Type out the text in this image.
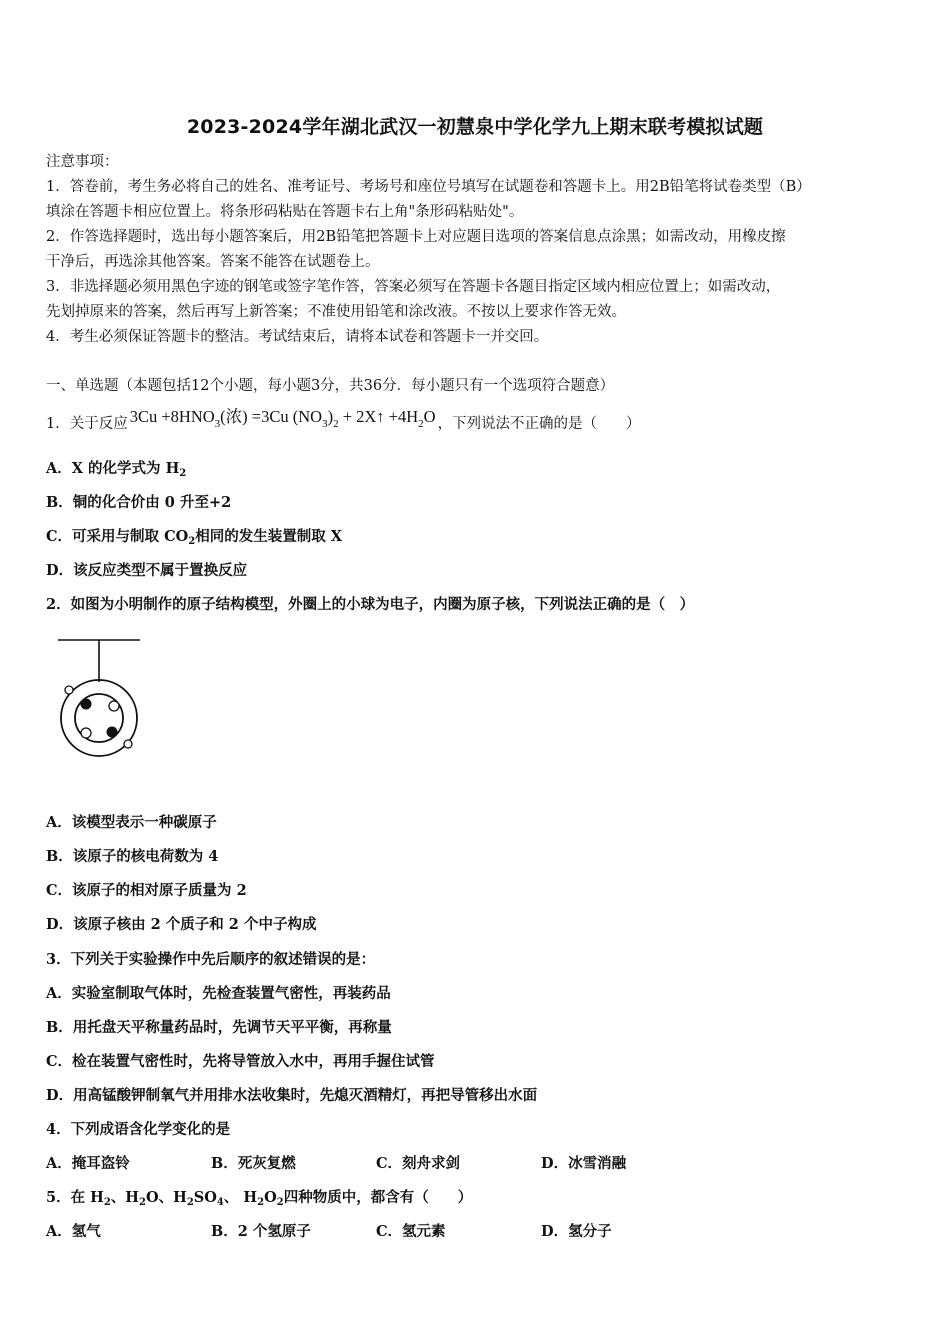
2023-2024学年湖北武汉一初慧泉中学化学九上期末联考模拟试题
注意事项：
1．答卷前，考生务必将自己的姓名、准考证号、考场号和座位号填写在试题卷和答题卡上。用2B铅笔将试卷类型（B）
填涂在答题卡相应位置上。将条形码粘贴在答题卡右上角"条形码粘贴处"。
2．作答选择题时，选出每小题答案后，用2B铅笔把答题卡上对应题目选项的答案信息点涂黑；如需改动，用橡皮擦
干净后，再选涂其他答案。答案不能答在试题卷上。
3．非选择题必须用黑色字迹的钢笔或签字笔作答，答案必须写在答题卡各题目指定区域内相应位置上；如需改动，
先划掉原来的答案，然后再写上新答案；不准使用铅笔和涂改液。不按以上要求作答无效。
4．考生必须保证答题卡的整洁。考试结束后，请将本试卷和答题卡一并交回。
一、单选题（本题包括12个小题，每小题3分，共36分．每小题只有一个选项符合题意）
1．关于反应 $3Cu +8HNO_3$(浓) =3Cu $(NO_3)_2$ + 2X↑ $+4H_2O$ ，下列说法不正确的是（　　）
A．X 的化学式为 $H_2$
B．铜的化合价由 0 升至+2
C．可采用与制取 $CO_2$相同的发生装置制取 X
D．该反应类型不属于置换反应
2．如图为小明制作的原子结构模型，外圈上的小球为电子，内圈为原子核，下列说法正确的是（　）
A．该模型表示一种碳原子
B．该原子的核电荷数为 4
C．该原子的相对原子质量为 2
D．该原子核由 2 个质子和 2 个中子构成
3．下列关于实验操作中先后顺序的叙述错误的是：
A．实验室制取气体时，先检查装置气密性，再装药品
B．用托盘天平称量药品时，先调节天平平衡，再称量
C．检在装置气密性时，先将导管放入水中，再用手握住试管
D．用高锰酸钾制氧气并用排水法收集时，先熄灭酒精灯，再把导管移出水面
4．下列成语含化学变化的是
A．掩耳盗铃	B．死灰复燃	C．刻舟求剑	D．冰雪消融
5．在 $H_2$、$H_2O$、$H_2SO_4$、 $H_2O_2$四种物质中，都含有（　　）
A．氢气	B．2 个氢原子	C．氢元素	D．氢分子
